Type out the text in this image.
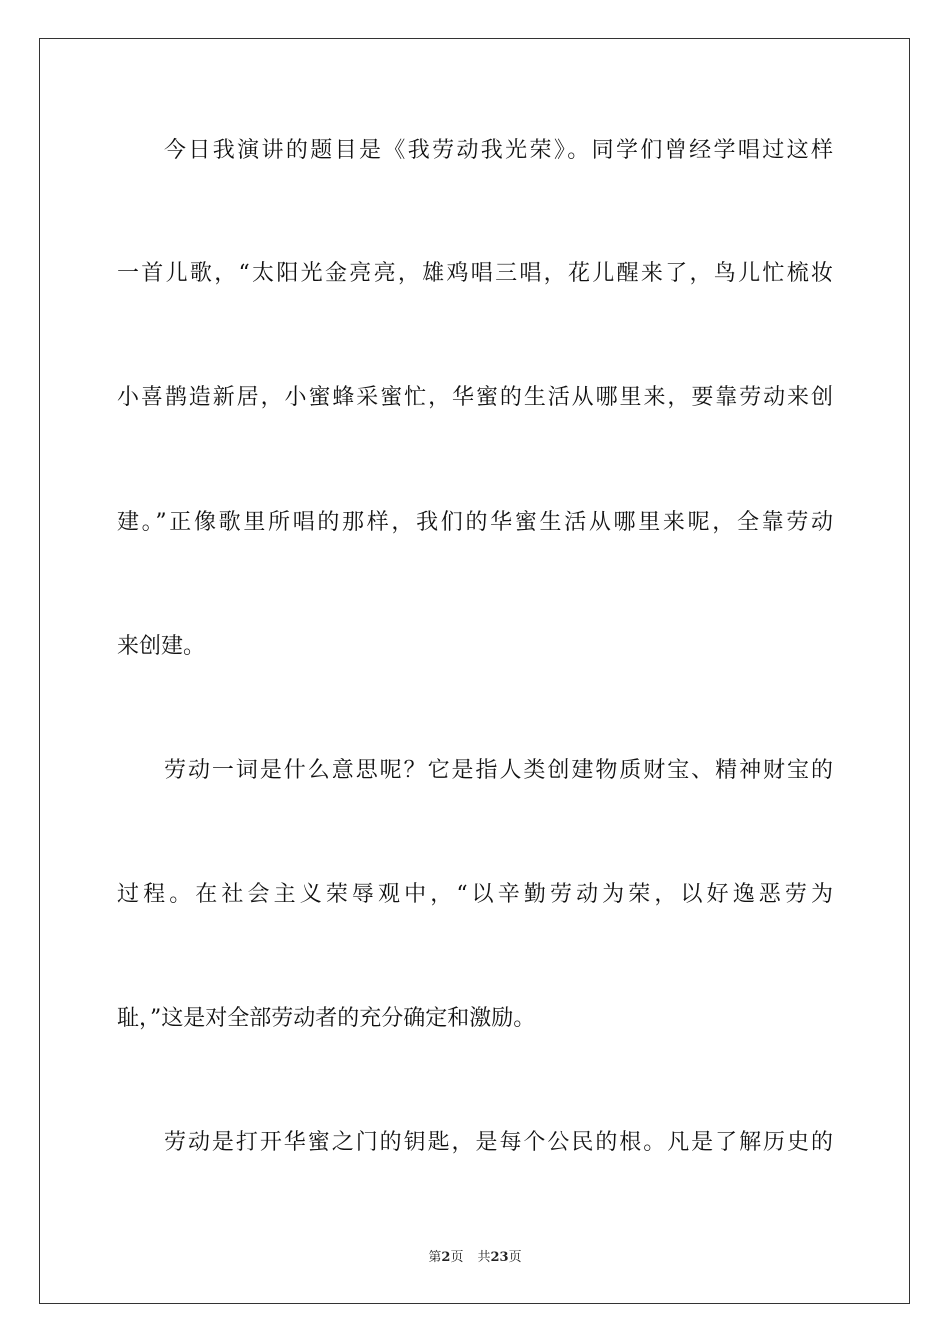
今日我演讲的题目是《我劳动我光荣》。同学们曾经学唱过这样
一首儿歌，“太阳光金亮亮，雄鸡唱三唱，花儿醒来了，鸟儿忙梳妆
小喜鹊造新居，小蜜蜂采蜜忙，华蜜的生活从哪里来，要靠劳动来创
建。”正像歌里所唱的那样，我们的华蜜生活从哪里来呢，全靠劳动
来创建。
劳动一词是什么意思呢？它是指人类创建物质财宝、精神财宝的
过程。在社会主义荣辱观中，“以辛勤劳动为荣，以好逸恶劳为
耻，”这是对全部劳动者的充分确定和激励。
劳动是打开华蜜之门的钥匙，是每个公民的根。凡是了解历史的
第2页 共23页
